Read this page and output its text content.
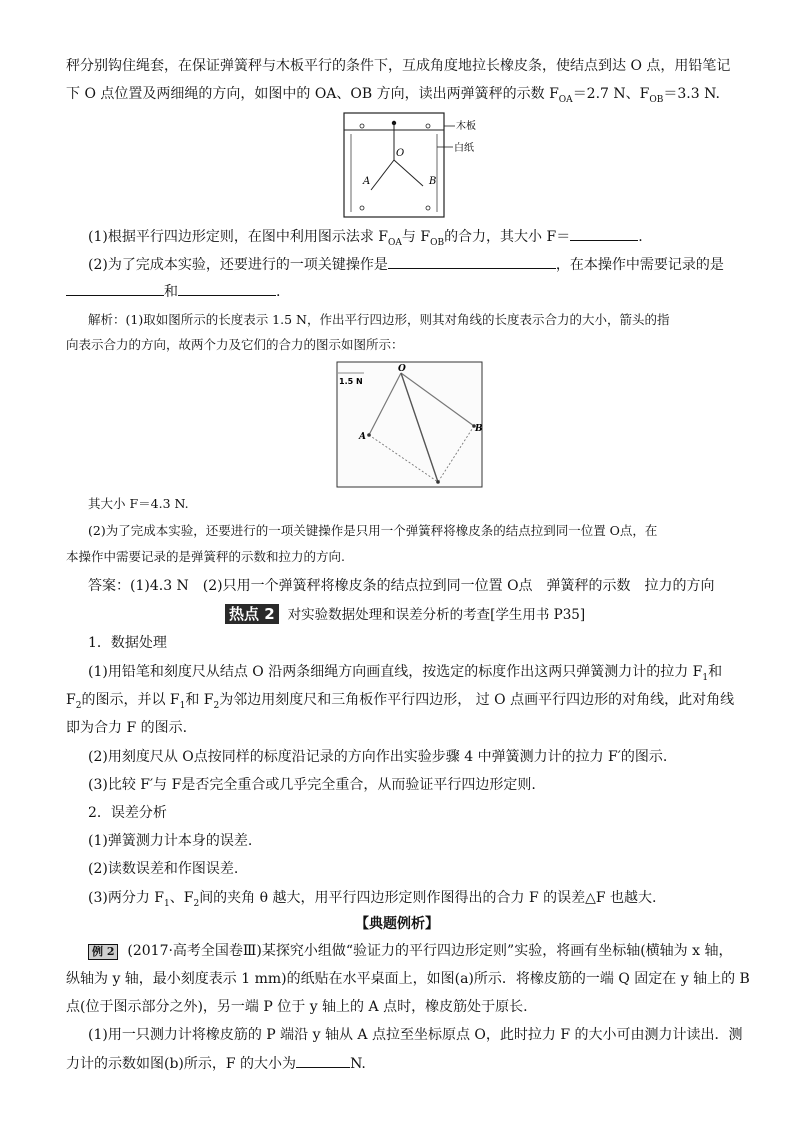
秤分别钩住绳套，在保证弹簧秤与木板平行的条件下，互成角度地拉长橡皮条，使结点到达 O 点，用铅笔记
下 O 点位置及两细绳的方向，如图中的 OA、OB 方向，读出两弹簧秤的示数 $F_{OA}=2.7$ N、$F_{OB}=3.3$ N.
O
A	B
木板
白纸
(1)根据平行四边形定则，在图中利用图示法求 $F_{OA}$与 $F_{OB}$的合力，其大小 F＝	.
(2)为了完成本实验，还要进行的一项关键操作是	，在本操作中需要记录的是
和	.
解析：(1)取如图所示的长度表示 1.5 N，作出平行四边形，则其对角线的长度表示合力的大小，箭头的指
向表示合力的方向，故两个力及它们的合力的图示如图所示：
1.5 N
O
A
B
其大小 F＝4.3 N.
(2)为了完成本实验，还要进行的一项关键操作是只用一个弹簧秤将橡皮条的结点拉到同一位置 O点，在
本操作中需要记录的是弹簧秤的示数和拉力的方向.
答案：(1)4.3 N　(2)只用一个弹簧秤将橡皮条的结点拉到同一位置 O点　弹簧秤的示数　拉力的方向
热点 2 对实验数据处理和误差分析的考查[学生用书 P35]
1．数据处理
(1)用铅笔和刻度尺从结点 O 沿两条细绳方向画直线，按选定的标度作出这两只弹簧测力计的拉力 $F_1$和
$F_2$的图示，并以 $F_1$和 $F_2$为邻边用刻度尺和三角板作平行四边形， 过 O 点画平行四边形的对角线，此对角线
即为合力 F 的图示.
(2)用刻度尺从 O点按同样的标度沿记录的方向作出实验步骤 4 中弹簧测力计的拉力 F′的图示.
(3)比较 F′与 F是否完全重合或几乎完全重合，从而验证平行四边形定则.
2．误差分析
(1)弹簧测力计本身的误差.
(2)读数误差和作图误差.
(3)两分力 $F_1$、$F_2$间的夹角 θ 越大，用平行四边形定则作图得出的合力 F 的误差△F 也越大.
【典题例析】
例 2 (2017·高考全国卷Ⅲ)某探究小组做“验证力的平行四边形定则”实验，将画有坐标轴(横轴为 x 轴，
纵轴为 y 轴，最小刻度表示 1 mm)的纸贴在水平桌面上，如图(a)所示．将橡皮筋的一端 Q 固定在 y 轴上的 B
点(位于图示部分之外)，另一端 P 位于 y 轴上的 A 点时，橡皮筋处于原长.
(1)用一只测力计将橡皮筋的 P 端沿 y 轴从 A 点拉至坐标原点 O，此时拉力 F 的大小可由测力计读出．测
力计的示数如图(b)所示，F 的大小为	N.
